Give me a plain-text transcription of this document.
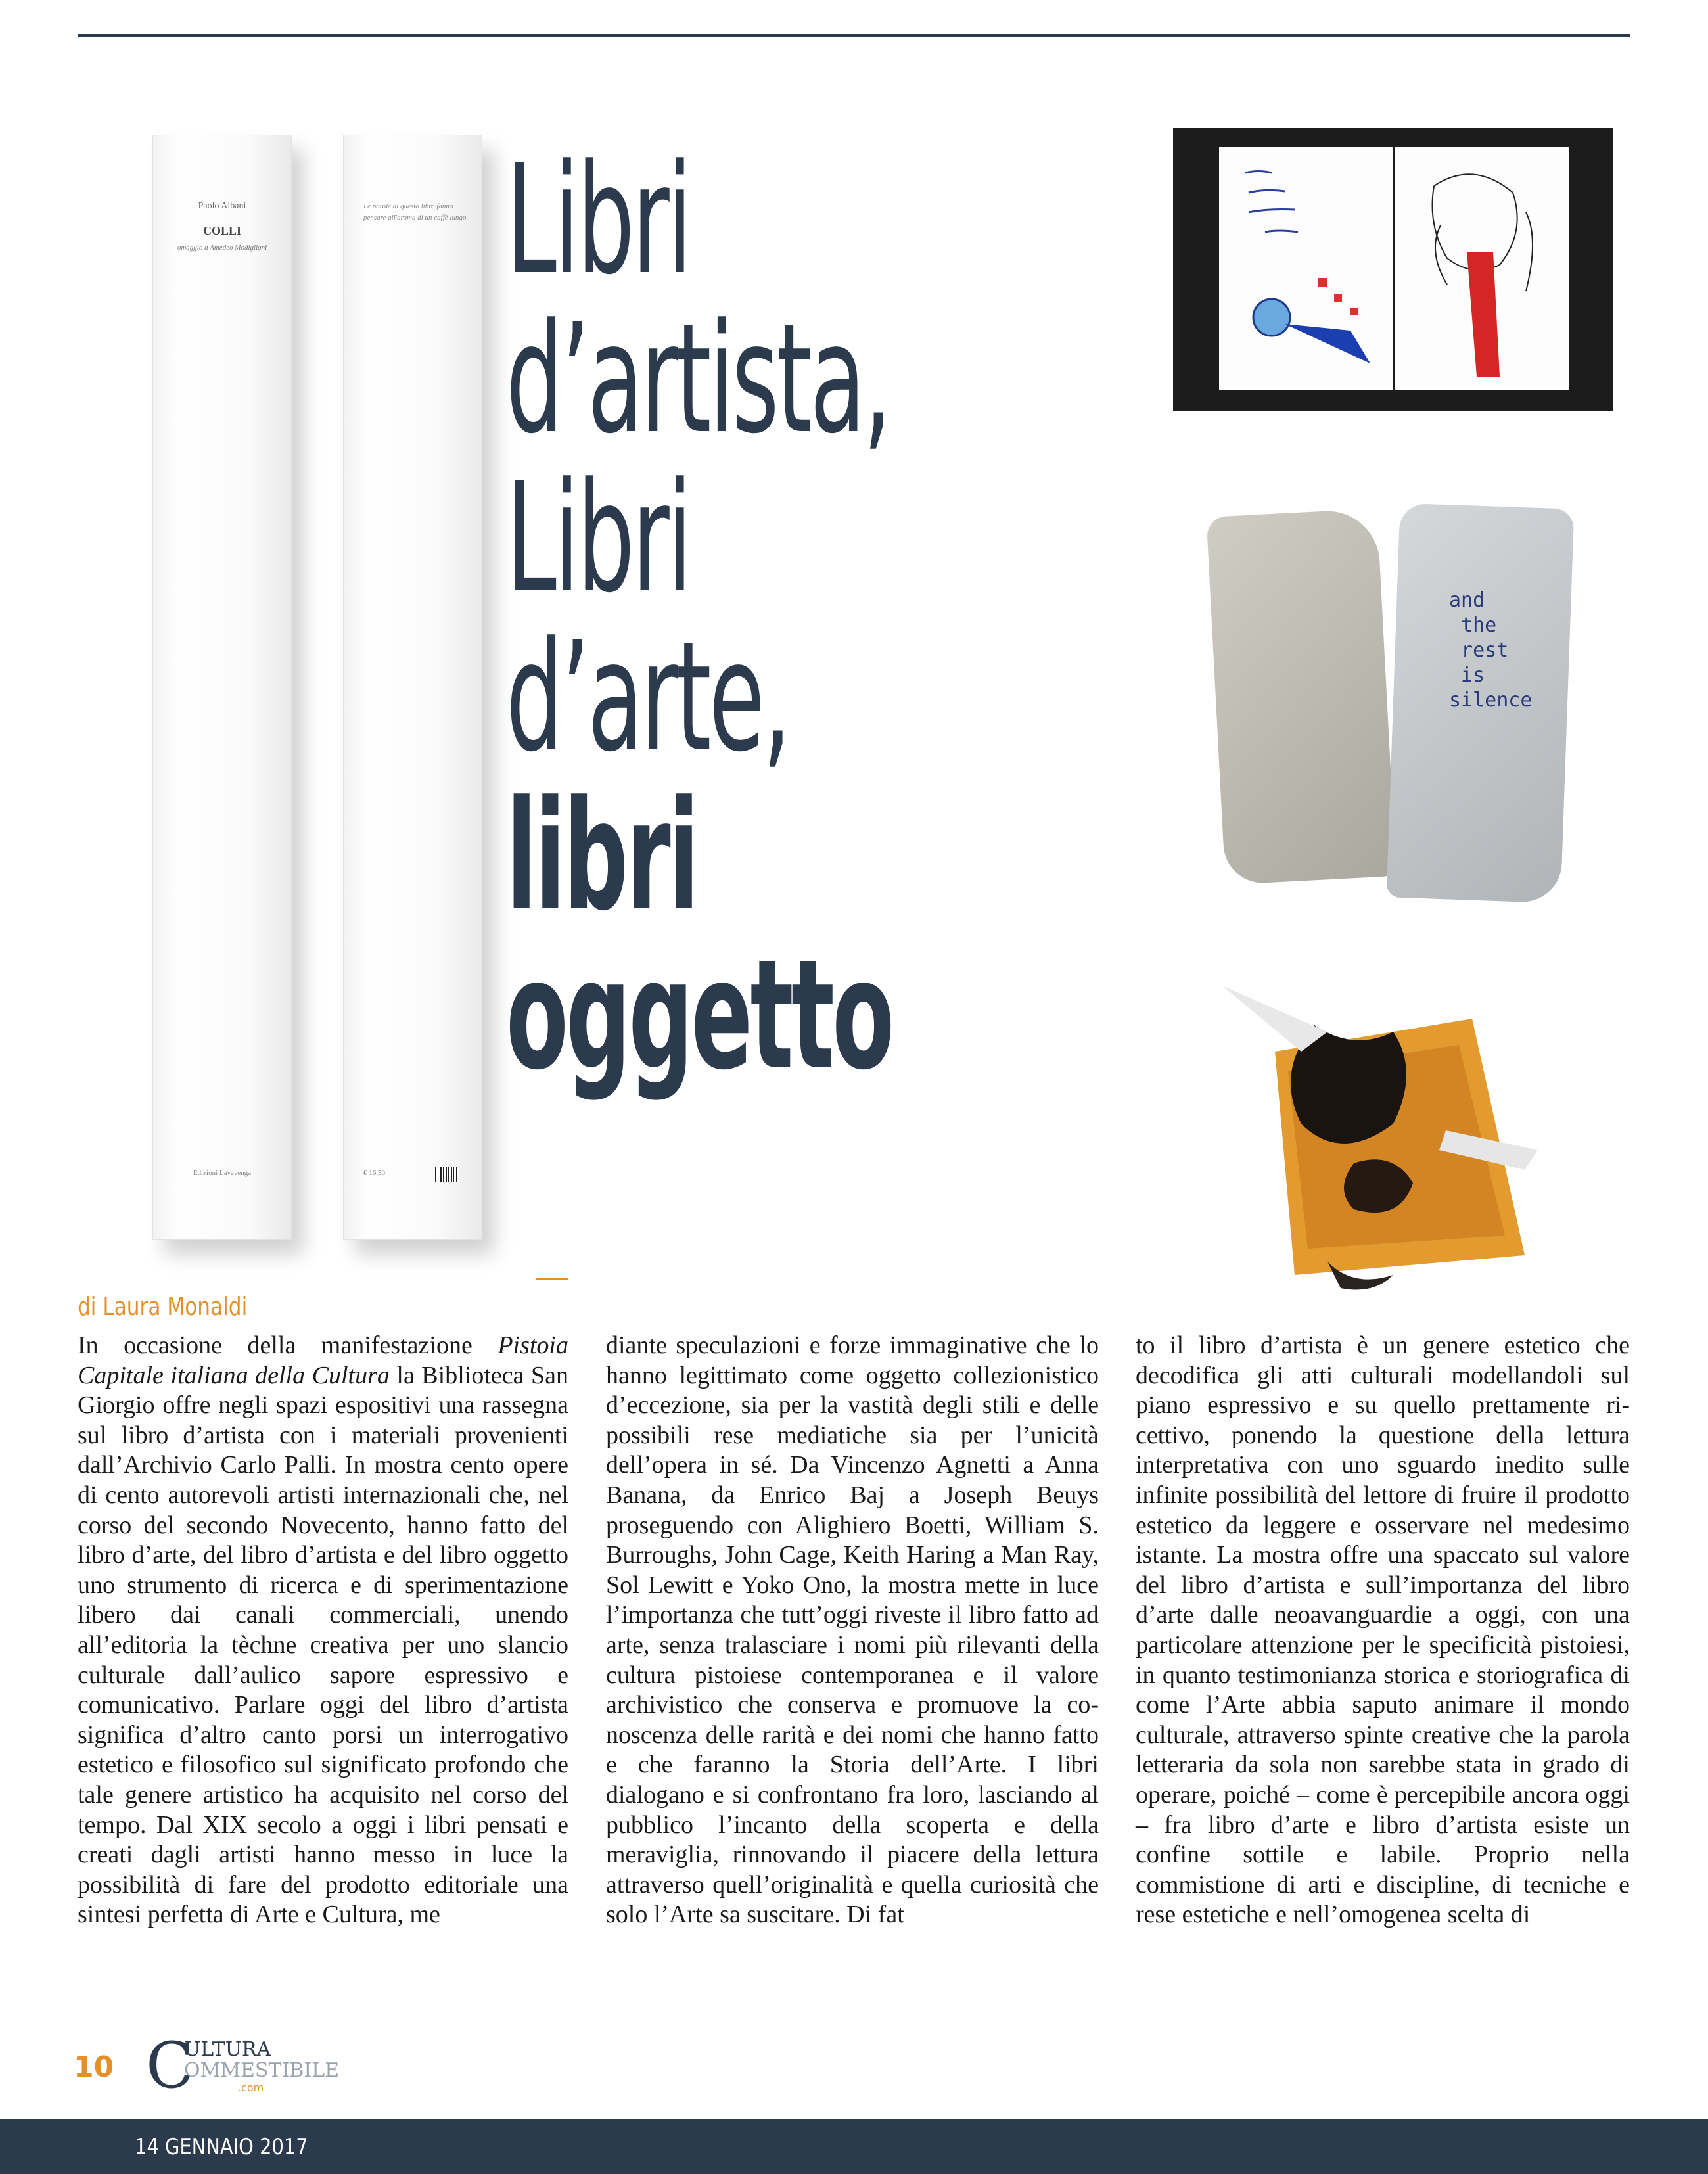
Paolo Albani
COLLI
omaggio a Amedeo Modigliani
Edizioni Lavavenga
Le parole di questo libro fanno pensare all'aroma di un caffè lungo.
€ 16,50
Libri
d’artista,
Libri
d’arte,
libri
oggetto
and
the
rest
is
silence

di Laura Monaldi

In occasione della manifestazione Pistoia Capitale italiana della Cultura la Biblioteca San Giorgio offre negli spazi espositivi una rassegna sul libro d’artista con i materiali provenienti dall’Archivio Carlo Palli. In mostra cento opere di cento autorevoli artisti internazionali che, nel corso del secondo Novecento, hanno fatto del libro d’arte, del libro d’artista e del libro oggetto uno strumento di ricerca e di sperimentazione libero dai canali commerciali, unendo all’editoria la tèchne creativa per uno slancio culturale dall’aulico sapore espressivo e comunicativo. Parlare oggi del libro d’artista significa d’altro canto porsi un interrogativo estetico e filosofico sul significato profondo che tale genere artistico ha acquisito nel corso del tempo. Dal XIX secolo a oggi i libri pensati e creati dagli artisti hanno messo in luce la possibilità di fare del prodotto editoriale una sintesi perfetta di Arte e Cultura, me

diante speculazioni e forze immaginative che lo hanno legittimato come oggetto collezionistico d’eccezione, sia per la vastità degli stili e delle possibili rese mediatiche sia per l’unicità dell’opera in sé. Da Vincenzo Agnetti a Anna Banana, da Enrico Baj a Joseph Beuys proseguendo con Alighiero Boetti, William S. Burroughs, John Cage, Keith Haring a Man Ray, Sol Lewitt e Yoko Ono, la mostra mette in luce l’importanza che tutt’oggi riveste il libro fatto ad arte, senza tralasciare i nomi più rilevanti della cultura pistoiese contemporanea e il valore archivistico che conserva e promuove la conoscenza delle rarità e dei nomi che hanno fatto e che faranno la Storia dell’Arte. I libri dialogano e si confrontano fra loro, lasciando al pubblico l’incanto della scoperta e della meraviglia, rinnovando il piacere della lettura attraverso quell’originalità e quella curiosità che solo l’Arte sa suscitare. Di fat

to il libro d’artista è un genere estetico che decodifica gli atti culturali modellandoli sul piano espressivo e su quello prettamente ricettivo, ponendo la questione della lettura interpretativa con uno sguardo inedito sulle infinite possibilità del lettore di fruire il prodotto estetico da leggere e osservare nel medesimo istante. La mostra offre una spaccato sul valore del libro d’artista e sull’importanza del libro d’arte dalle neoavanguardie a oggi, con una particolare attenzione per le specificità pistoiesi, in quanto testimonianza storica e storiografica di come l’Arte abbia saputo animare il mondo culturale, attraverso spinte creative che la parola letteraria da sola non sarebbe stata in grado di operare, poiché – come è percepibile ancora oggi – fra libro d’arte e libro d’artista esiste un confine sottile e labile. Proprio nella commistione di arti e discipline, di tecniche e rese estetiche e nell’omogenea scelta di

10 C
ULTURA
OMMESTIBILE
.com
14 GENNAIO 2017
